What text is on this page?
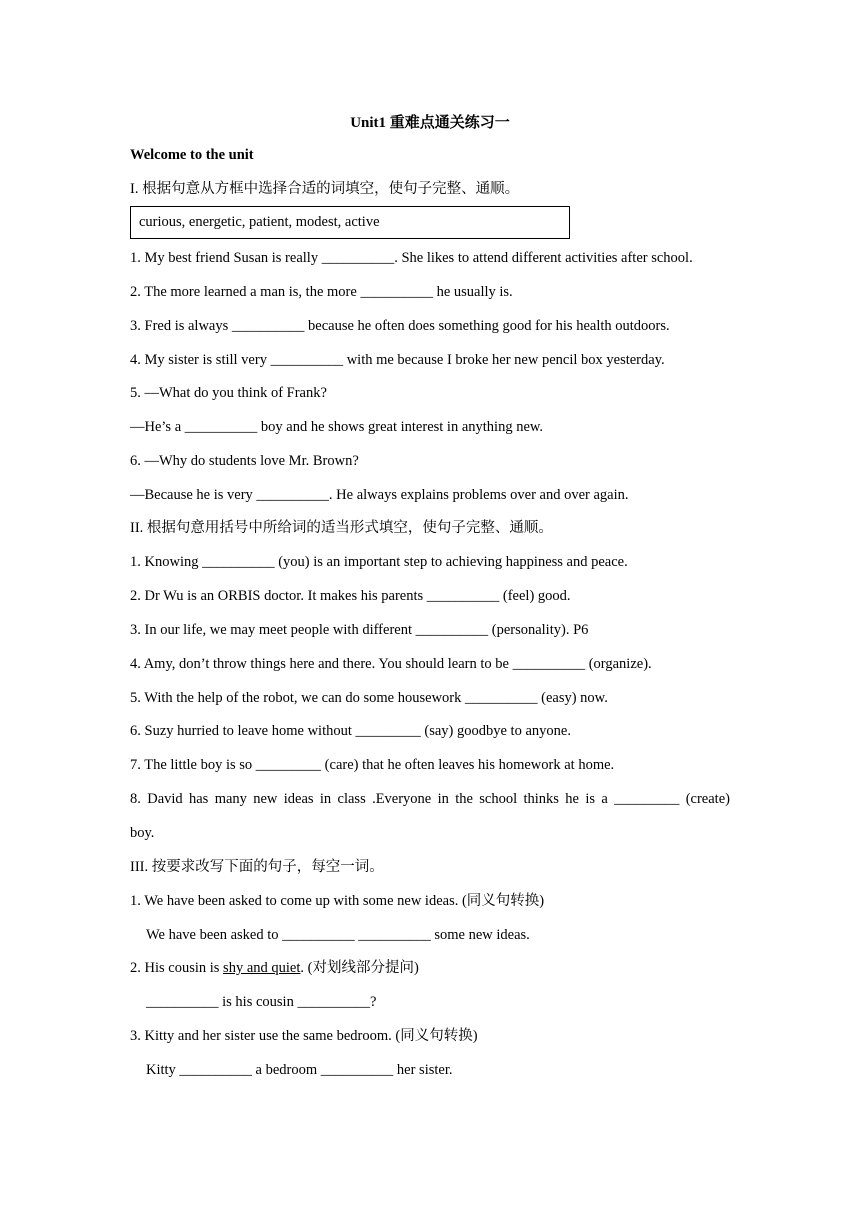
Unit1 重难点通关练习一
Welcome to the unit
I. 根据句意从方框中选择合适的词填空，使句子完整、通顺。
curious, energetic, patient, modest, active
1. My best friend Susan is really __________. She likes to attend different activities after school.
2. The more learned a man is, the more __________ he usually is.
3. Fred is always __________ because he often does something good for his health outdoors.
4. My sister is still very __________ with me because I broke her new pencil box yesterday.
5. —What do you think of Frank?
—He’s a __________ boy and he shows great interest in anything new.
6. —Why do students love Mr. Brown?
—Because he is very __________. He always explains problems over and over again.
II. 根据句意用括号中所给词的适当形式填空，使句子完整、通顺。
1. Knowing __________ (you) is an important step to achieving happiness and peace.
2. Dr Wu is an ORBIS doctor. It makes his parents __________ (feel) good.
3. In our life, we may meet people with different __________ (personality). P6
4. Amy, don’t throw things here and there. You should learn to be __________ (organize).
5. With the help of the robot, we can do some housework __________ (easy) now.
6. Suzy hurried to leave home without _________ (say) goodbye to anyone.
7. The little boy is so _________ (care) that he often leaves his homework at home.
8. David has many new ideas in class .Everyone in the school thinks he is a _________ (create)
boy.
III. 按要求改写下面的句子，每空一词。
1. We have been asked to come up with some new ideas. (同义句转换)
We have been asked to __________ __________ some new ideas.
2. His cousin is shy and quiet. (对划线部分提问)
__________ is his cousin __________?
3. Kitty and her sister use the same bedroom. (同义句转换)
Kitty __________ a bedroom __________ her sister.
